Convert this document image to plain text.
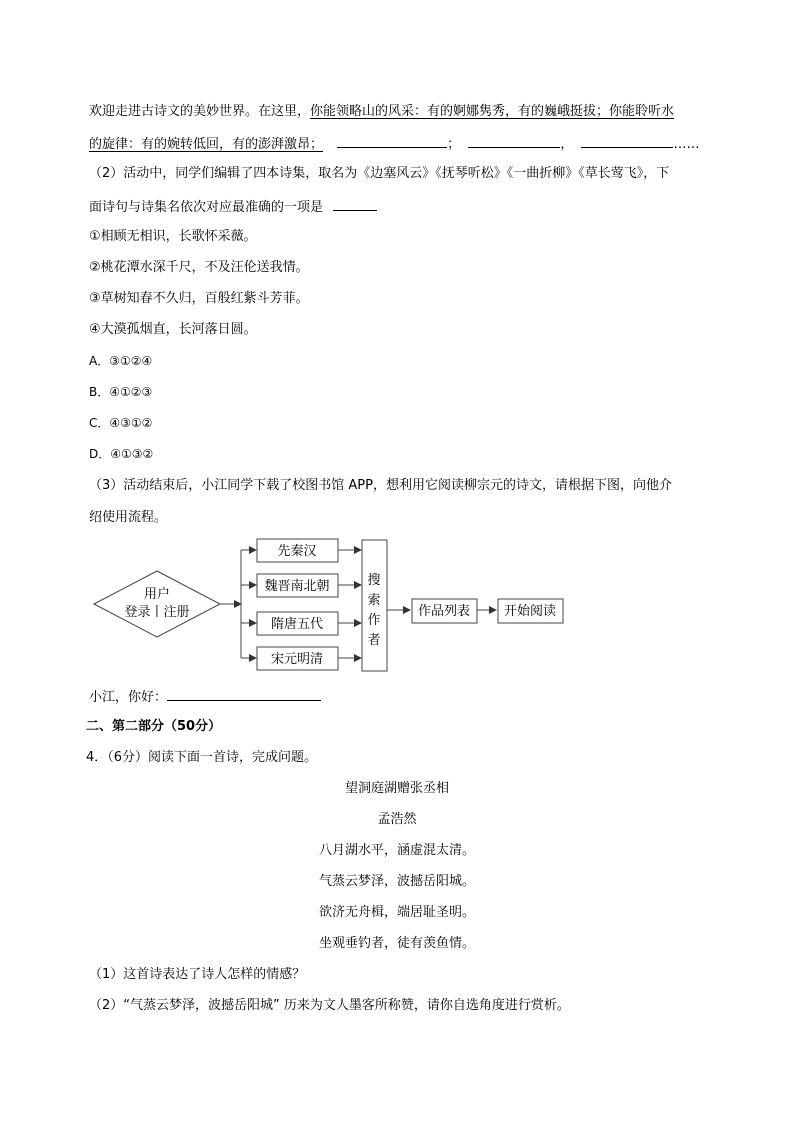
欢迎走进古诗文的美妙世界。在这里，你能领略山的风采：有的婀娜隽秀，有的巍峨挺拔；你能聆听水
的旋律：有的婉转低回，有的澎湃激昂；	；	，	……
（2）活动中，同学们编辑了四本诗集，取名为《边塞风云》《抚琴听松》《一曲折柳》《草长莺飞》，下
面诗句与诗集名依次对应最准确的一项是
①相顾无相识，长歌怀采薇。
②桃花潭水深千尺，不及汪伦送我情。
③草树知春不久归，百般红紫斗芳菲。
④大漠孤烟直，长河落日圆。
A．③①②④
B．④①②③
C．④③①②
D．④①③②
（3）活动结束后，小江同学下载了校图书馆 APP，想利用它阅读柳宗元的诗文，请根据下图，向他介
绍使用流程。
用户
登录丨注册
先秦汉
魏晋南北朝
隋唐五代
宋元明清
搜
索
作
者
作品列表	开始阅读
小江，你好：
二、第二部分（50分）
4．（6分）阅读下面一首诗，完成问题。
望洞庭湖赠张丞相
孟浩然
八月湖水平，涵虚混太清。
气蒸云梦泽，波撼岳阳城。
欲济无舟楫，端居耻圣明。
坐观垂钓者，徒有羡鱼情。
（1）这首诗表达了诗人怎样的情感？
（2）“气蒸云梦泽，波撼岳阳城” 历来为文人墨客所称赞，请你自选角度进行赏析。
